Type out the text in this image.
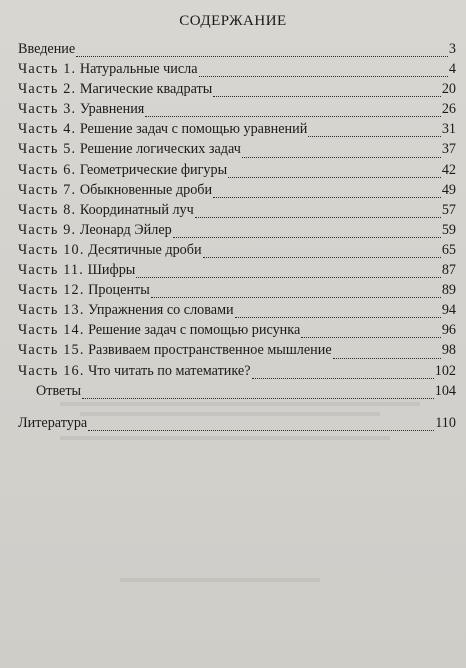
СОДЕРЖАНИЕ
Введение	3
Часть 1. Натуральные числа	4
Часть 2. Магические квадраты	20
Часть 3. Уравнения	26
Часть 4. Решение задач с помощью уравнений	31
Часть 5. Решение логических задач	37
Часть 6. Геометрические фигуры	42
Часть 7. Обыкновенные дроби	49
Часть 8. Координатный луч	57
Часть 9. Леонард Эйлер	59
Часть 10. Десятичные дроби	65
Часть 11. Шифры	87
Часть 12. Проценты	89
Часть 13. Упражнения со словами	94
Часть 14. Решение задач с помощью рисунка	96
Часть 15. Развиваем пространственное мышление	98
Часть 16. Что читать по математике?	102
Ответы	104
Литература	110
